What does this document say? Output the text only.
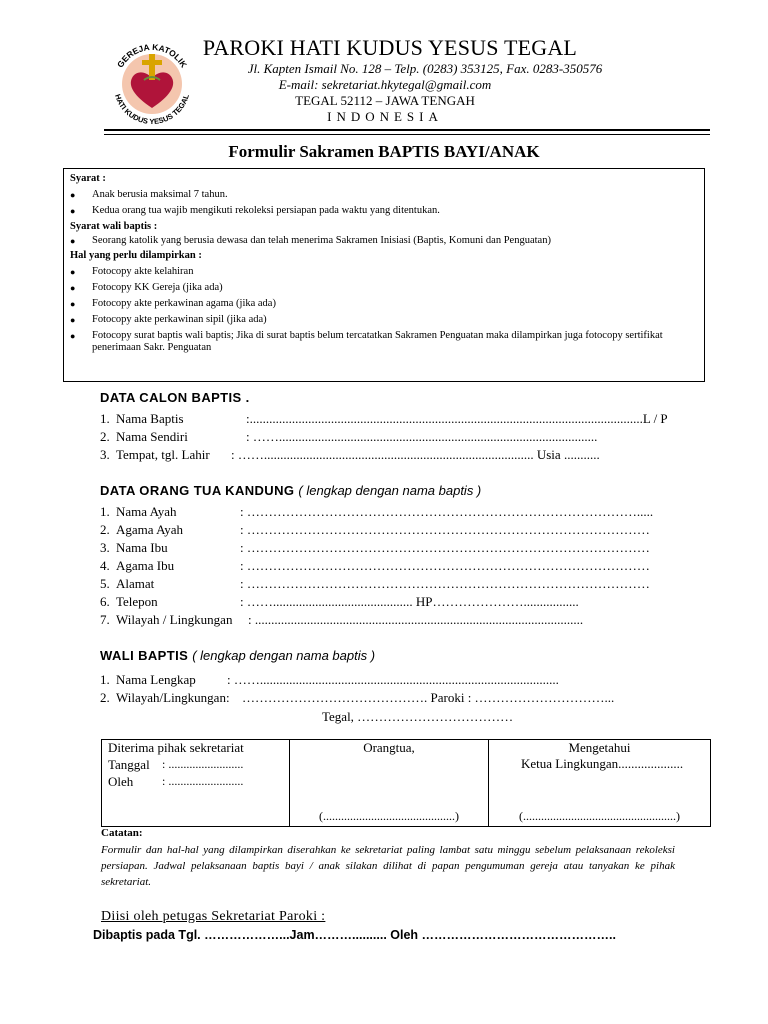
GEREJA KATOLIK
HATI KUDUS YESUS TEGAL
PAROKI HATI KUDUS YESUS TEGAL
Jl. Kapten Ismail No. 128 – Telp. (0283) 353125, Fax. 0283-350576
E-mail: sekretariat.hkytegal@gmail.com
TEGAL 52112 – JAWA TENGAH
INDONESIA
Formulir Sakramen BAPTIS BAYI/ANAK
Syarat :
●	Anak berusia maksimal 7 tahun.
●	Kedua orang tua wajib mengikuti rekoleksi persiapan pada waktu yang ditentukan.
Syarat wali baptis :
●	Seorang katolik yang berusia dewasa dan telah menerima Sakramen Inisiasi (Baptis, Komuni dan Penguatan)
Hal yang perlu dilampirkan :
●	Fotocopy akte kelahiran
●	Fotocopy KK Gereja (jika ada)
●	Fotocopy akte perkawinan agama (jika ada)
●	Fotocopy akte perkawinan sipil (jika ada)
●	Fotocopy surat baptis wali baptis; Jika di surat baptis belum tercatatkan Sakramen Penguatan maka dilampirkan juga fotocopy sertifikat penerimaan Sakr. Penguatan
DATA CALON BAPTIS .
1. Nama Baptis	:.........................................................................................................................L / P
2. Nama Sendiri	: ……..................................................................................................
3. Tempat, tgl. Lahir : ……................................................................................... Usia ...........
DATA ORANG TUA KANDUNG ( lengkap dengan nama baptis )
1. Nama Ayah	: ……………………………………………………………………………….....
2. Agama Ayah	: …………………………………………………………………………………
3. Nama Ibu	: …………………………………………………………………………………
4. Agama Ibu	: …………………………………………………………………………………
5. Alamat	: …………………………………………………………………………………
6. Telepon	: ……........................................... HP………………….................
7. Wilayah / Lingkungan : .....................................................................................................
WALI BAPTIS ( lengkap dengan nama baptis )
1. Nama Lengkap : ……............................................................................................
2. Wilayah/Lingkungan: ……………………………………. Paroki : …………………………...
Tegal, ………………………………
Diterima pihak sekretariat
Tanggal : .........................
Oleh : .........................

Orangtua,
(............................................)

Mengetahui
Ketua Lingkungan....................
(...................................................)
Catatan:
Formulir dan hal-hal yang dilampirkan diserahkan ke sekretariat paling lambat satu minggu sebelum pelaksanaan rekoleksi persiapan. Jadwal pelaksanaan baptis bayi / anak silakan dilihat di papan pengumuman gereja atau tanyakan ke pihak sekretariat.
Diisi oleh petugas Sekretariat Paroki :
Dibaptis pada Tgl. ………………...Jam……….......... Oleh ………………………………………..
